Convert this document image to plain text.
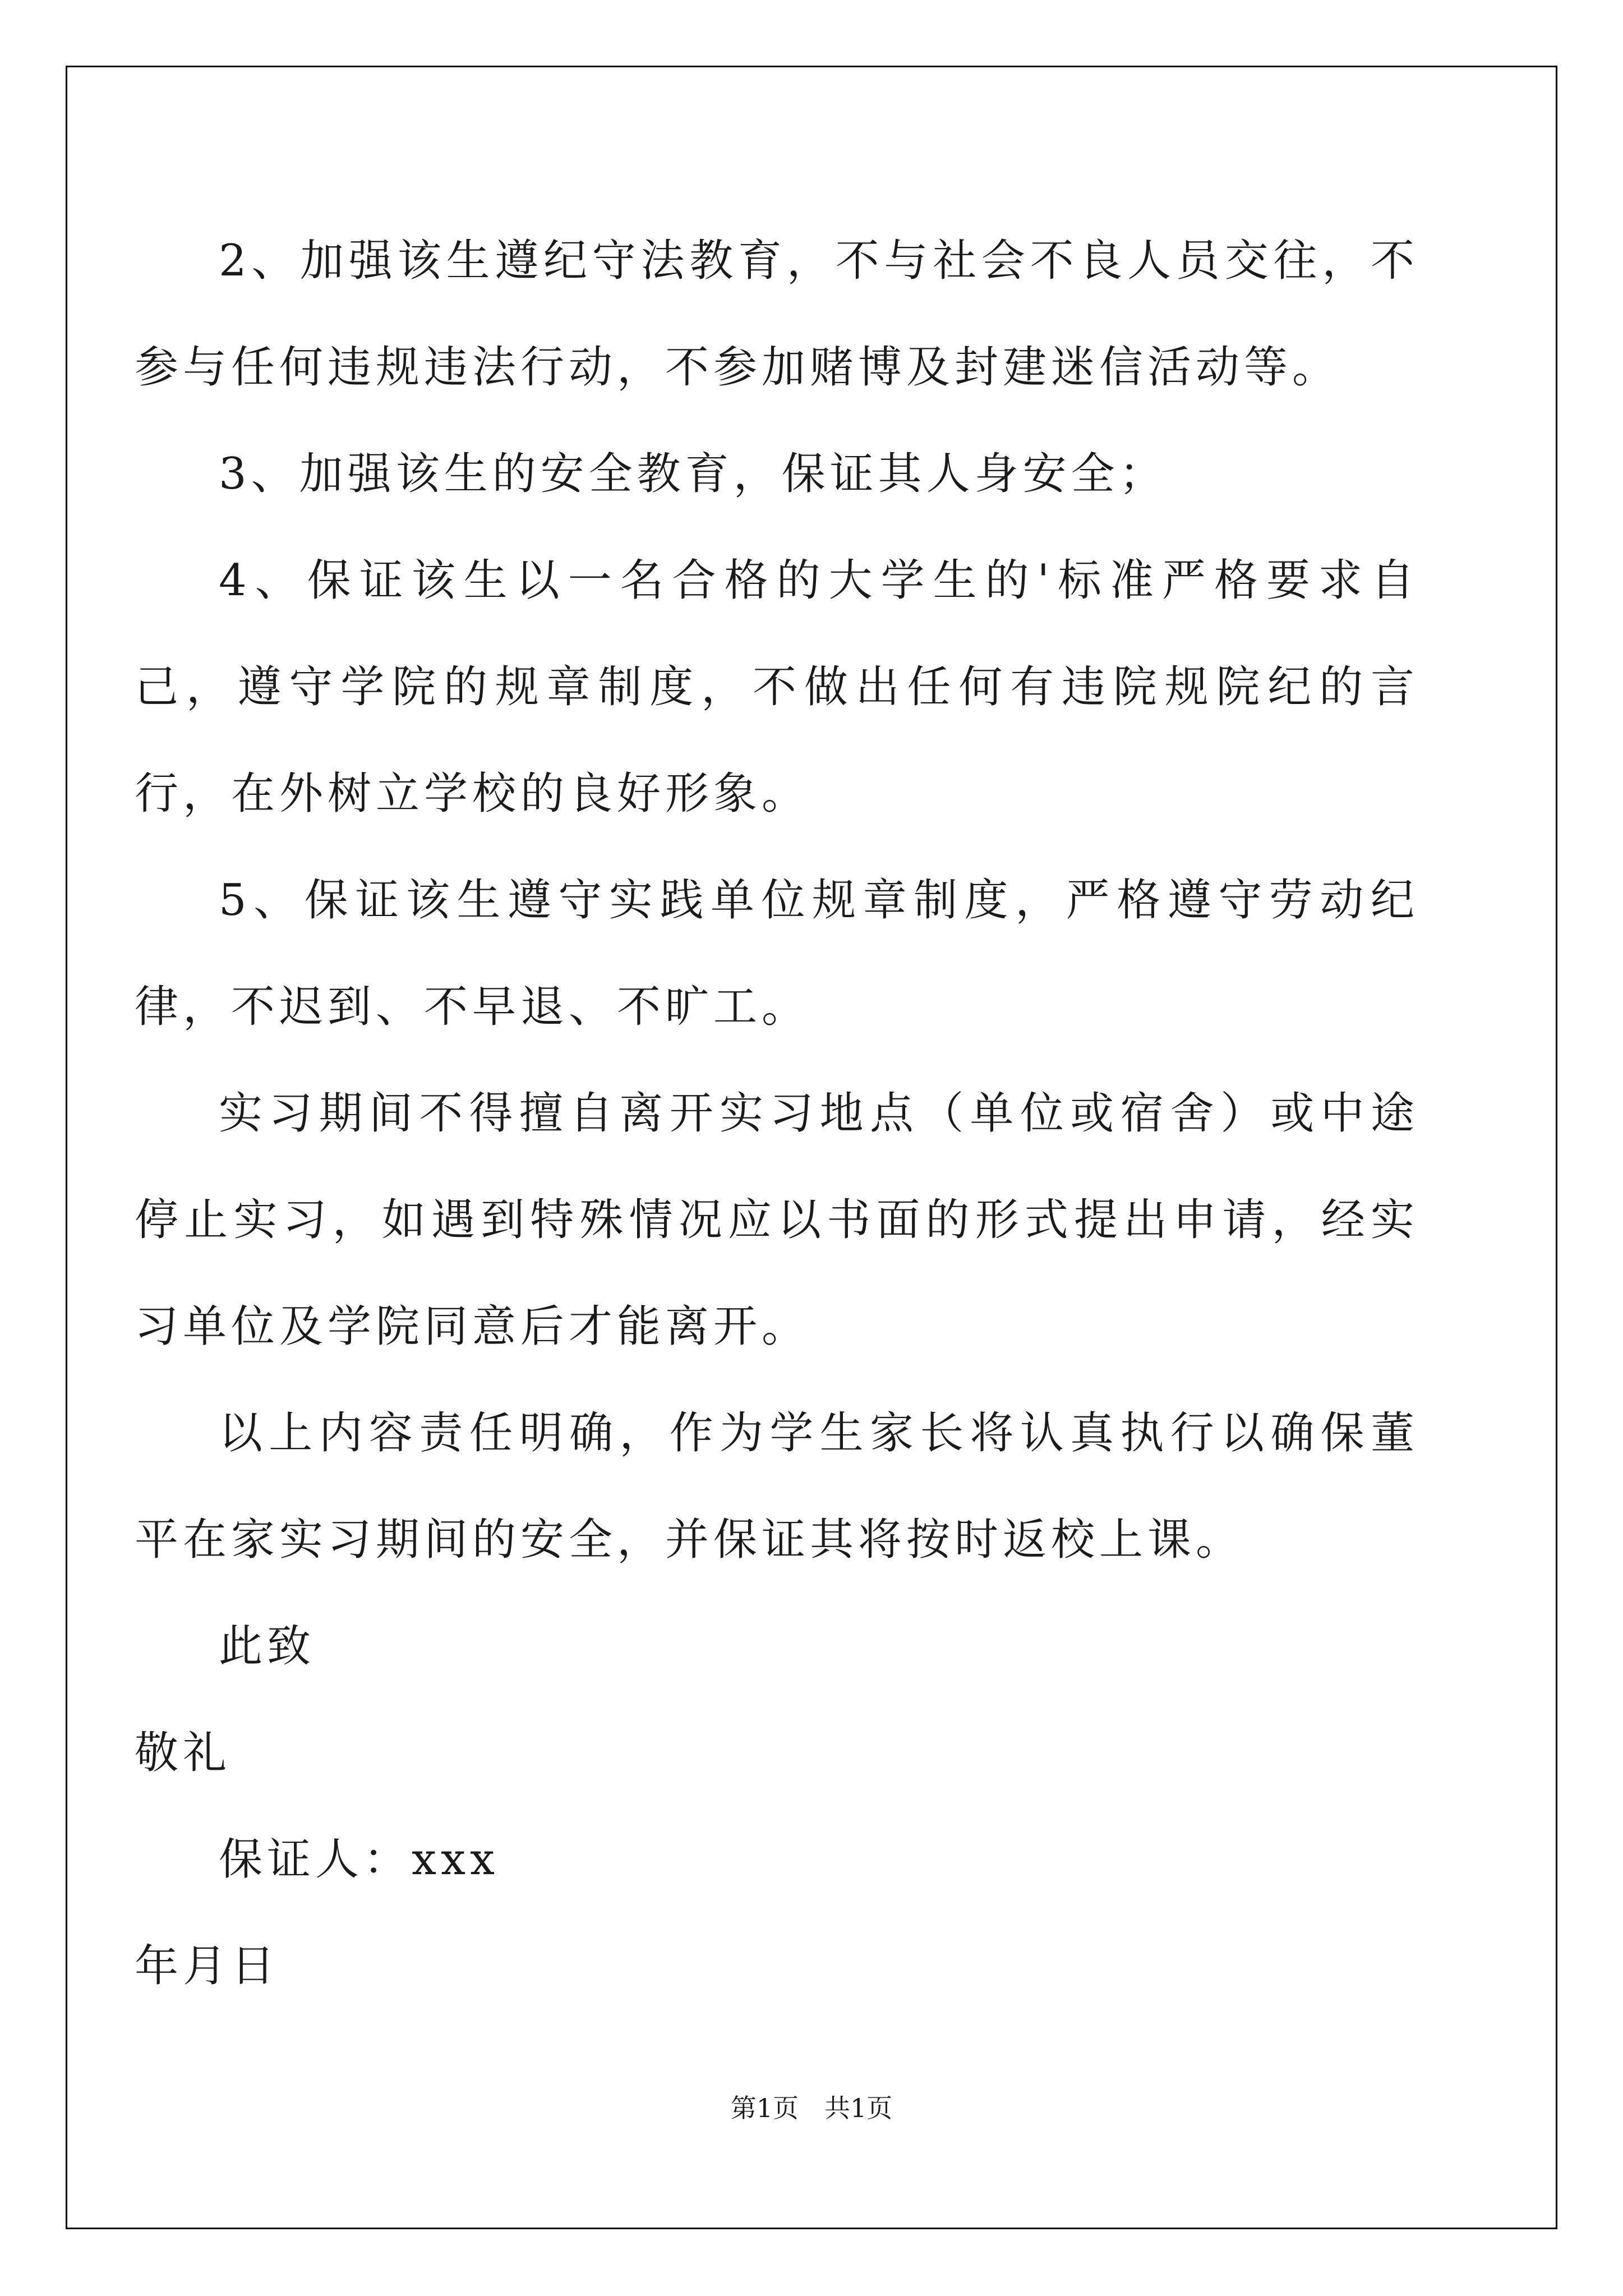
2、加强该生遵纪守法教育，不与社会不良人员交往，不参与任何违规违法行动，不参加赌博及封建迷信活动等。

3、加强该生的安全教育，保证其人身安全；

4、保证该生以一名合格的大学生的'标准严格要求自己，遵守学院的规章制度，不做出任何有违院规院纪的言行，在外树立学校的良好形象。

5、保证该生遵守实践单位规章制度，严格遵守劳动纪律，不迟到、不早退、不旷工。

实习期间不得擅自离开实习地点（单位或宿舍）或中途停止实习，如遇到特殊情况应以书面的形式提出申请，经实习单位及学院同意后才能离开。

以上内容责任明确，作为学生家长将认真执行以确保董平在家实习期间的安全，并保证其将按时返校上课。

此致

敬礼

保证人：xxx

年月日

第1页　共1页
